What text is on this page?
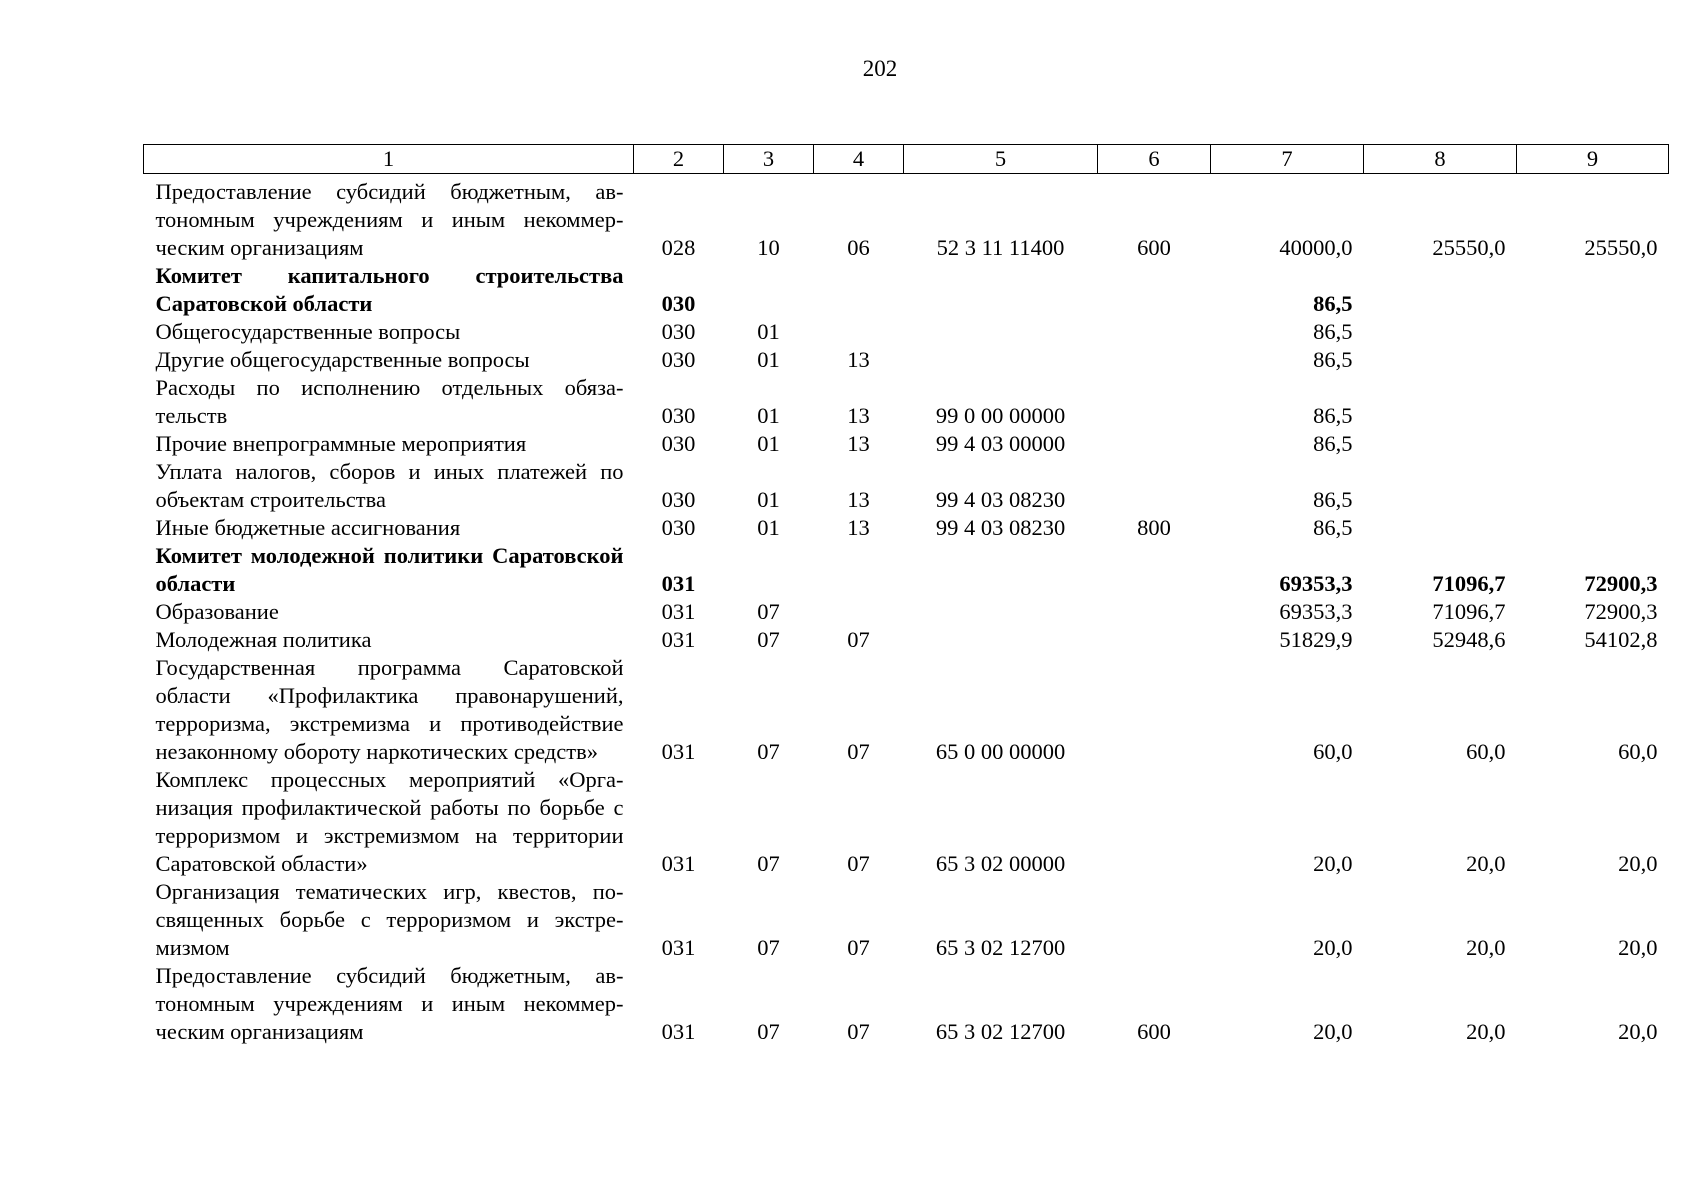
202
1	2	3	4	5	6	7	8	9
Предоставление субсидий бюджетным, автономным учреждениям и иным некоммерческим организациям	028	10	06	52 3 11 11400	600	40000,0	25550,0	25550,0
Комитет капитального строительства Саратовской области	030					86,5		
Общегосударственные вопросы	030	01				86,5		
Другие общегосударственные вопросы	030	01	13			86,5		
Расходы по исполнению отдельных обязательств	030	01	13	99 0 00 00000		86,5		
Прочие внепрограммные мероприятия	030	01	13	99 4 03 00000		86,5		
Уплата налогов, сборов и иных платежей по объектам строительства	030	01	13	99 4 03 08230		86,5		
Иные бюджетные ассигнования	030	01	13	99 4 03 08230	800	86,5		
Комитет молодежной политики Саратовской области	031					69353,3	71096,7	72900,3
Образование	031	07				69353,3	71096,7	72900,3
Молодежная политика	031	07	07			51829,9	52948,6	54102,8
Государственная программа Саратовской области «Профилактика правонарушений, терроризма, экстремизма и противодействие незаконному обороту наркотических средств»	031	07	07	65 0 00 00000		60,0	60,0	60,0
Комплекс процессных мероприятий «Организация профилактической работы по борьбе с терроризмом и экстремизмом на территории Саратовской области»	031	07	07	65 3 02 00000		20,0	20,0	20,0
Организация тематических игр, квестов, посвященных борьбе с терроризмом и экстремизмом	031	07	07	65 3 02 12700		20,0	20,0	20,0
Предоставление субсидий бюджетным, автономным учреждениям и иным некоммерческим организациям	031	07	07	65 3 02 12700	600	20,0	20,0	20,0
